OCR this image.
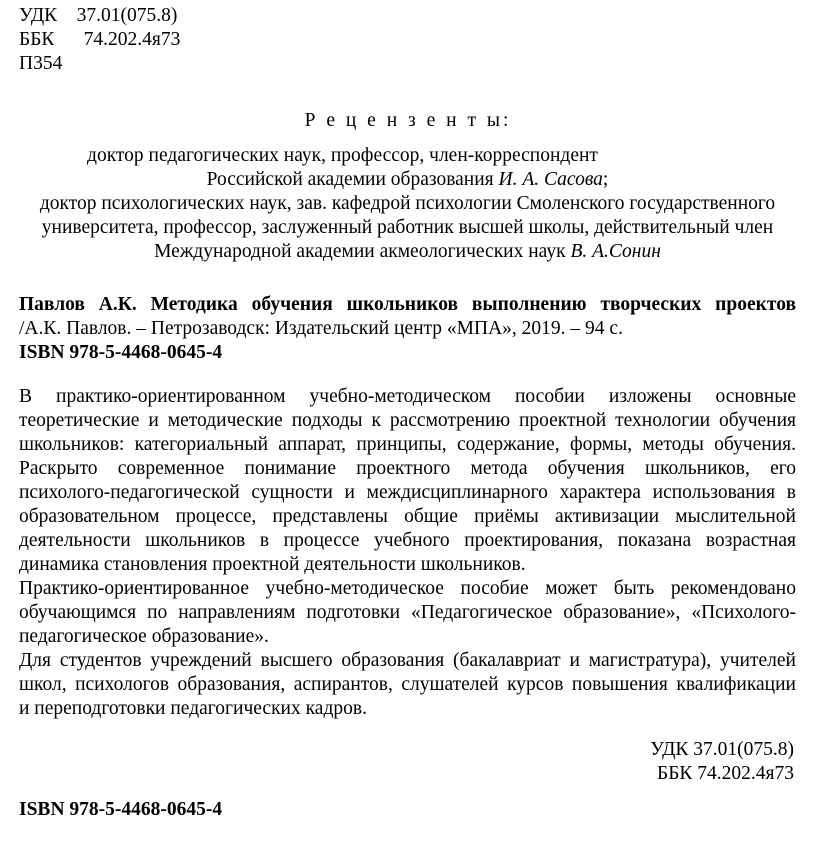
УДК    37.01(075.8)
ББК      74.202.4я73
П354
Р е ц е н з е н т ы:
доктор педагогических наук, профессор, член-корреспондент
Российской академии образования И. А. Сасова;
доктор психологических наук, зав. кафедрой психологии Смоленского государственного
университета, профессор, заслуженный работник высшей школы, действительный член
Международной академии акмеологических наук В. А.Сонин
Павлов А.К. Методика обучения школьников выполнению творческих проектов
/А.К. Павлов. – Петрозаводск: Издательский центр «МПА», 2019. – 94 с.
ISBN 978-5-4468-0645-4
В практико-ориентированном учебно-методическом пособии изложены основные
теоретические и методические подходы к рассмотрению проектной технологии обучения
школьников: категориальный аппарат, принципы, содержание, формы, методы обучения.
Раскрыто современное понимание проектного метода обучения школьников, его
психолого-педагогической сущности и междисциплинарного характера использования в
образовательном процессе, представлены общие приёмы активизации мыслительной
деятельности школьников в процессе учебного проектирования, показана возрастная
динамика становления проектной деятельности школьников.
Практико-ориентированное учебно-методическое пособие может быть рекомендовано
обучающимся по направлениям подготовки «Педагогическое образование», «Психолого-
педагогическое образование».
Для студентов учреждений высшего образования (бакалавриат и магистратура), учителей
школ, психологов образования, аспирантов, слушателей курсов повышения квалификации
и переподготовки педагогических кадров.
УДК 37.01(075.8)
ББК 74.202.4я73
ISBN 978-5-4468-0645-4
